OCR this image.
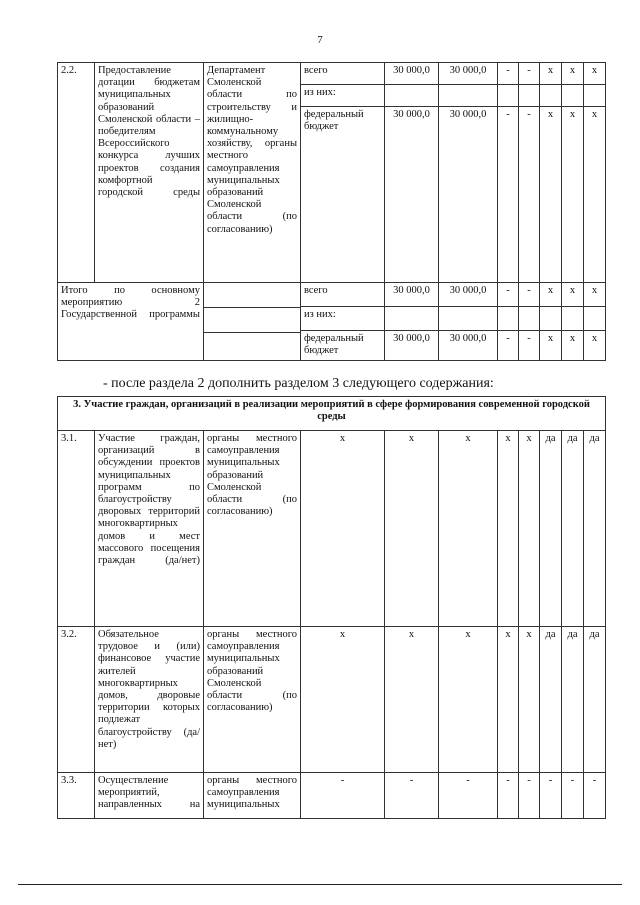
7
2.2.	Предоставление дотации бюджетам муниципальных образований Смоленской области – победителям Всероссийского конкурса лучших проектов создания комфортной городской среды	Департамент Смоленской области по строительству и жилищно-коммунальному хозяйству, органы местного самоуправления муниципальных образований Смоленской области (по согласованию)	всего	30 000,0	30 000,0	-	-	х	х	х
			из них:							
			федеральный бюджет	30 000,0	30 000,0	-	-	х	х	х
Итого по основному мероприятию 2 Государственной программы			всего	30 000,0	30 000,0	-	-	х	х	х
			из них:							
			федеральный бюджет	30 000,0	30 000,0	-	-	х	х	х
- после раздела 2 дополнить разделом 3 следующего содержания:
3. Участие граждан, организаций в реализации мероприятий в сфере формирования современной городской среды										
3.1.	Участие граждан, организаций в обсуждении проектов муниципальных программ по благоустройству дворовых территорий многоквартирных домов и мест массового посещения граждан (да/нет)	органы местного самоуправления муниципальных образований Смоленской области (по согласованию)	х	х	х	х	х	да	да	да
3.2.	Обязательное трудовое и (или) финансовое участие жителей многоквартирных домов, дворовые территории которых подлежат благоустройству (да/нет)	органы местного самоуправления муниципальных образований Смоленской области (по согласованию)	х	х	х	х	х	да	да	да
3.3.	Осуществление мероприятий, направленных на	органы местного самоуправления муниципальных	-	-	-	-	-	-	-	-
